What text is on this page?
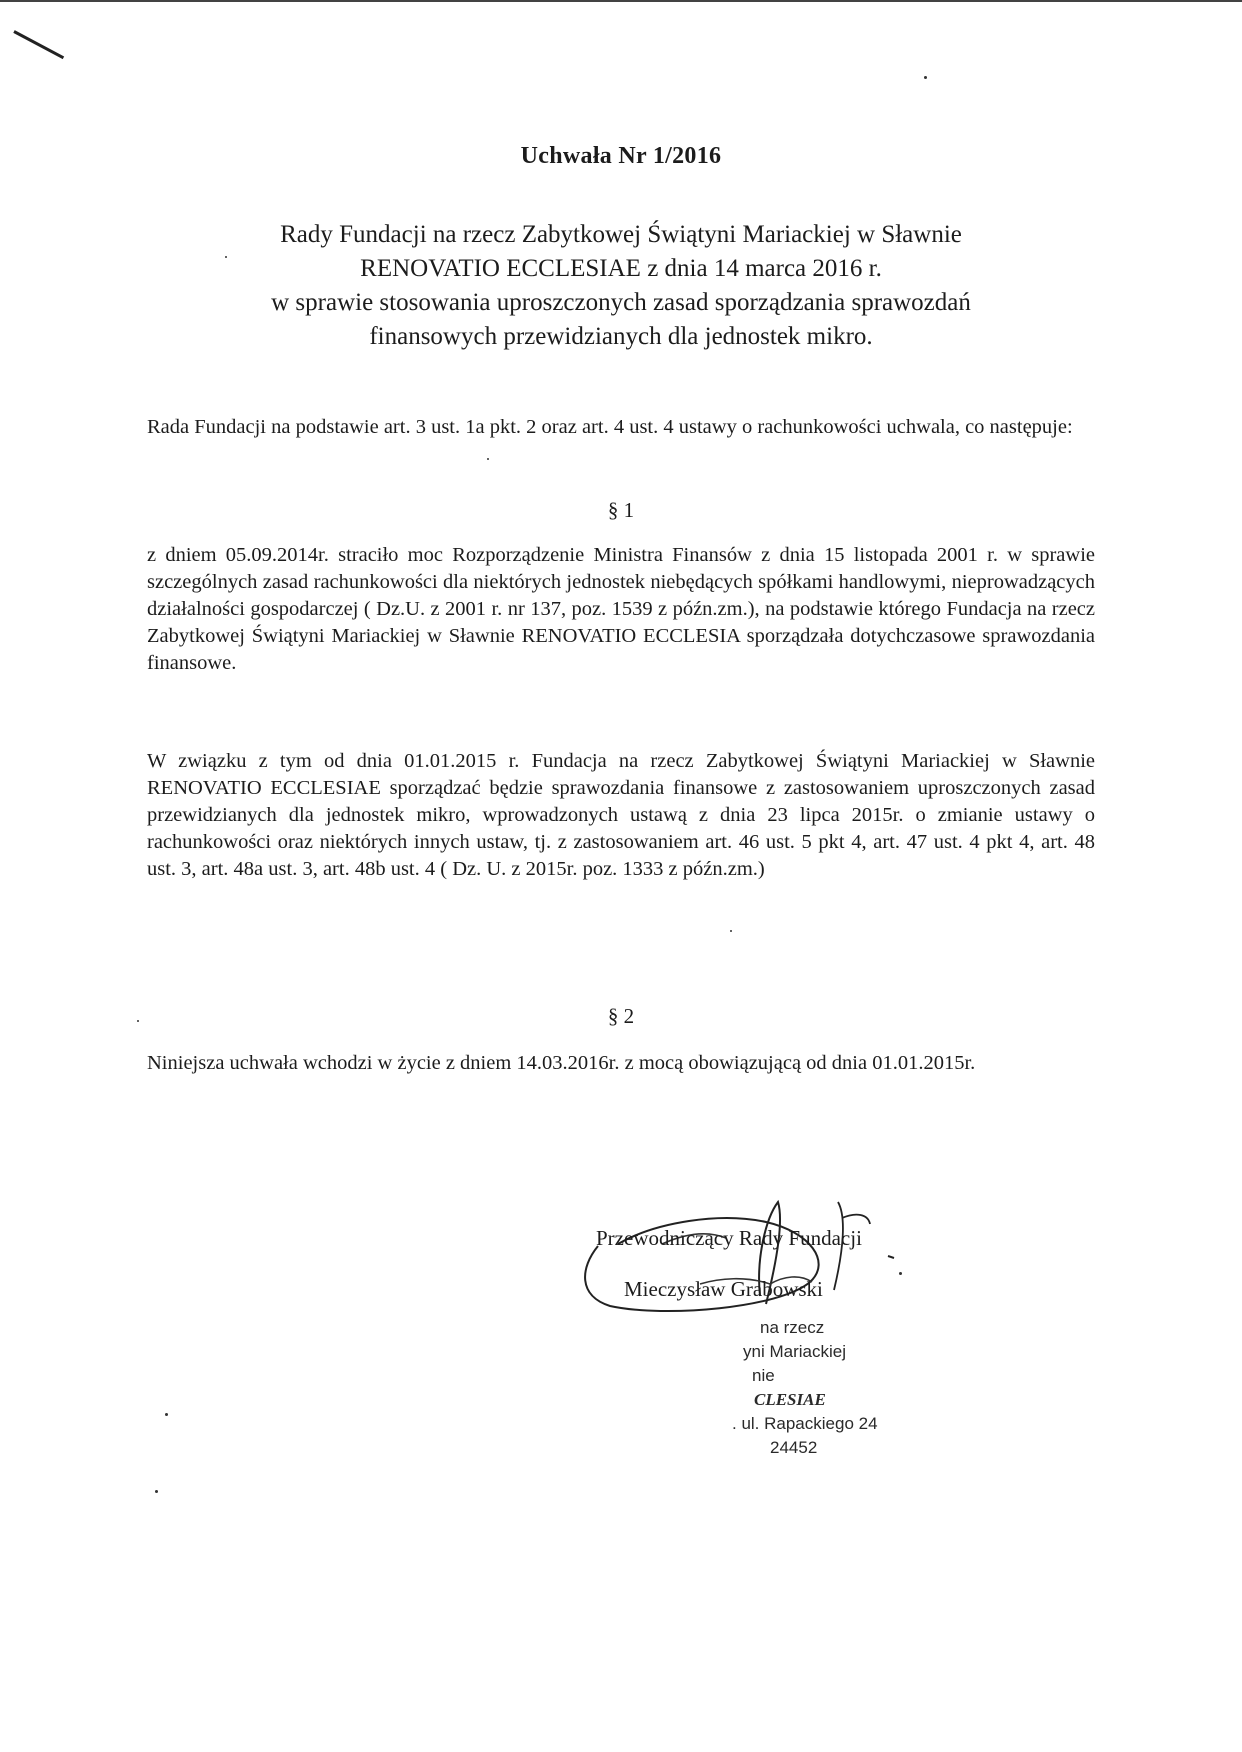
Uchwała Nr 1/2016
Rady Fundacji na rzecz Zabytkowej Świątyni Mariackiej w Sławnie
RENOVATIO ECCLESIAE z dnia 14 marca 2016 r.
w sprawie stosowania uproszczonych zasad sporządzania sprawozdań
finansowych przewidzianych dla jednostek mikro.
Rada Fundacji na podstawie art. 3 ust. 1a pkt. 2 oraz art. 4 ust. 4 ustawy o rachunkowości uchwala, co następuje:
§ 1
z dniem 05.09.2014r. straciło moc Rozporządzenie Ministra Finansów z dnia 15 listopada 2001 r. w sprawie szczególnych zasad rachunkowości dla niektórych jednostek niebędących spółkami handlowymi, nieprowadzących działalności gospodarczej ( Dz.U. z 2001 r. nr 137, poz. 1539 z późn.zm.), na podstawie którego Fundacja na rzecz Zabytkowej Świątyni Mariackiej w Sławnie RENOVATIO ECCLESIA sporządzała dotychczasowe sprawozdania finansowe.
W związku z tym od dnia 01.01.2015 r. Fundacja na rzecz Zabytkowej Świątyni Mariackiej w Sławnie RENOVATIO ECCLESIAE sporządzać będzie sprawozdania finansowe z zastosowaniem uproszczonych zasad przewidzianych dla jednostek mikro, wprowadzonych ustawą z dnia 23 lipca 2015r. o zmianie ustawy o rachunkowości oraz niektórych innych ustaw, tj. z zastosowaniem art. 46 ust. 5 pkt 4, art. 47 ust. 4 pkt 4, art. 48 ust. 3, art. 48a ust. 3, art. 48b ust. 4 ( Dz. U. z 2015r. poz. 1333 z późn.zm.)
§ 2
Niniejsza uchwała wchodzi w życie z dniem 14.03.2016r. z mocą obowiązującą od dnia 01.01.2015r.
Przewodniczący Rady Fundacji
Mieczysław Grabowski
na rzecz
yni Mariackiej
nie
CLESIAE
. ul. Rapackiego 24
24452
